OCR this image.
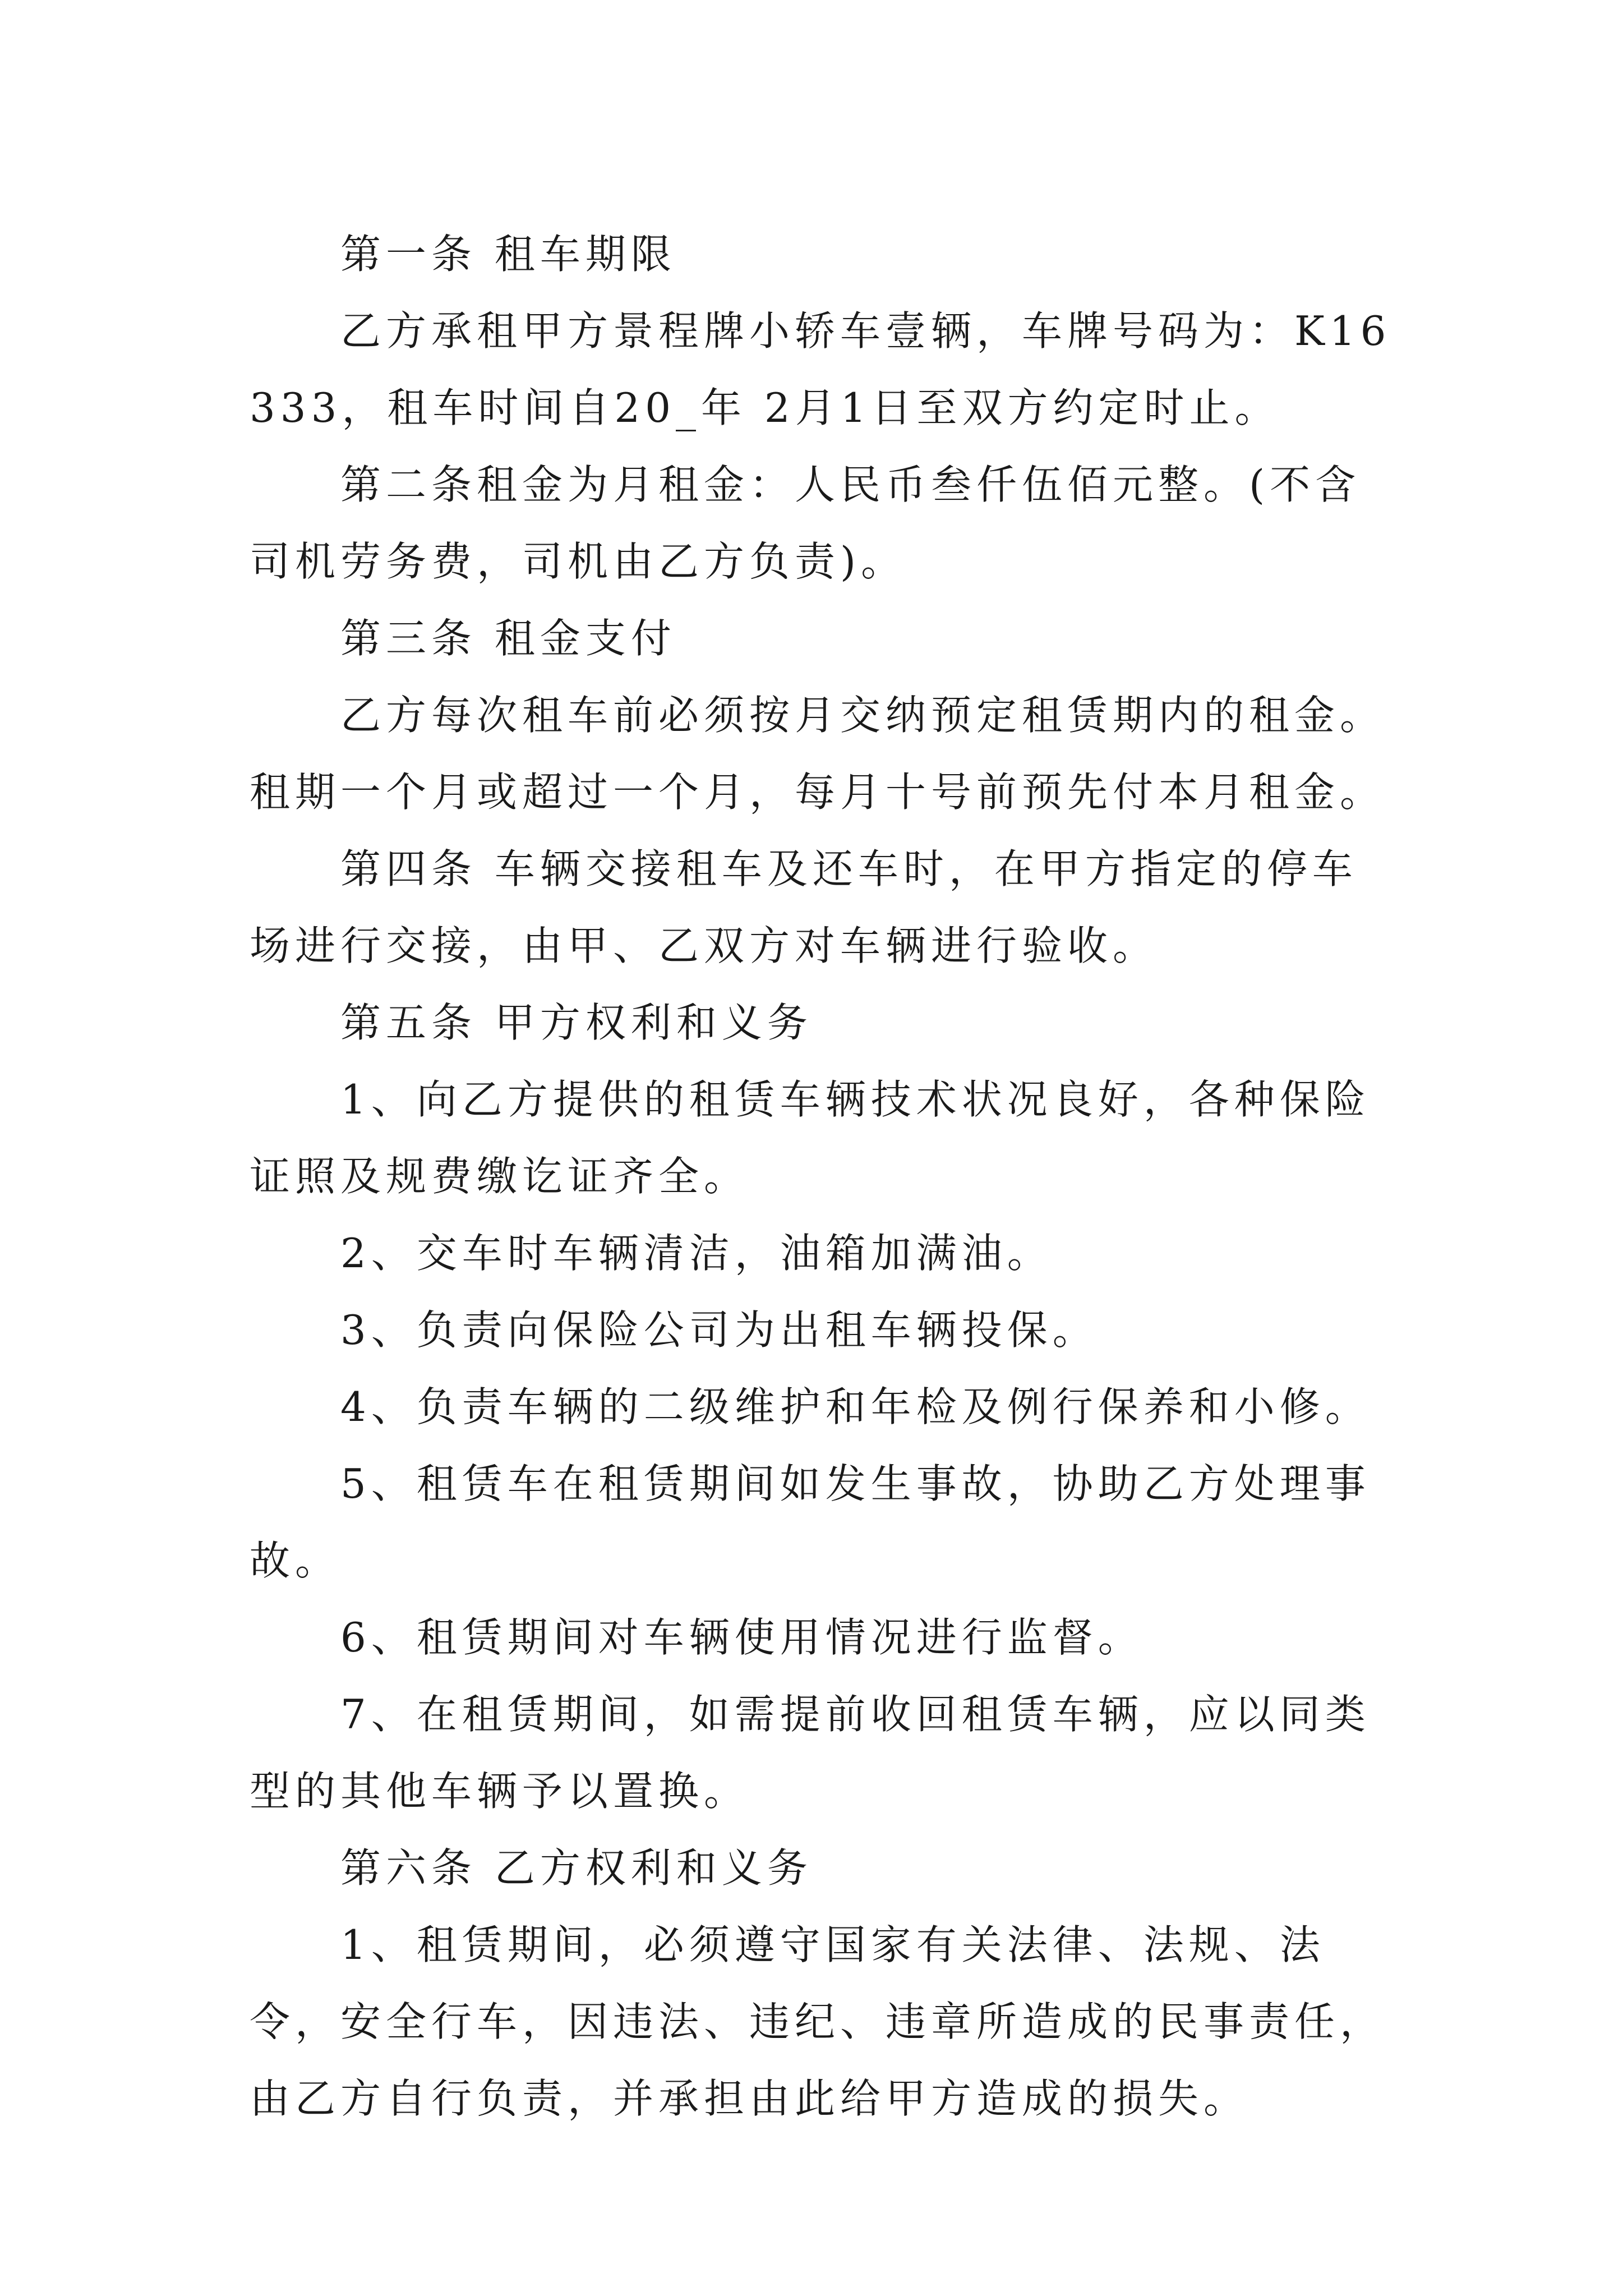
第一条 租车期限

乙方承租甲方景程牌小轿车壹辆，车牌号码为：K16333，租车时间自20_年 2月1日至双方约定时止。

第二条租金为月租金：人民币叁仟伍佰元整。(不含司机劳务费，司机由乙方负责)。

第三条 租金支付

乙方每次租车前必须按月交纳预定租赁期内的租金。租期一个月或超过一个月，每月十号前预先付本月租金。

第四条 车辆交接租车及还车时，在甲方指定的停车场进行交接，由甲、乙双方对车辆进行验收。

第五条 甲方权利和义务

1、向乙方提供的租赁车辆技术状况良好，各种保险证照及规费缴讫证齐全。

2、交车时车辆清洁，油箱加满油。

3、负责向保险公司为出租车辆投保。

4、负责车辆的二级维护和年检及例行保养和小修。

5、租赁车在租赁期间如发生事故，协助乙方处理事故。

6、租赁期间对车辆使用情况进行监督。

7、在租赁期间，如需提前收回租赁车辆，应以同类型的其他车辆予以置换。

第六条 乙方权利和义务

1、租赁期间，必须遵守国家有关法律、法规、法令，安全行车，因违法、违纪、违章所造成的民事责任，由乙方自行负责，并承担由此给甲方造成的损失。
